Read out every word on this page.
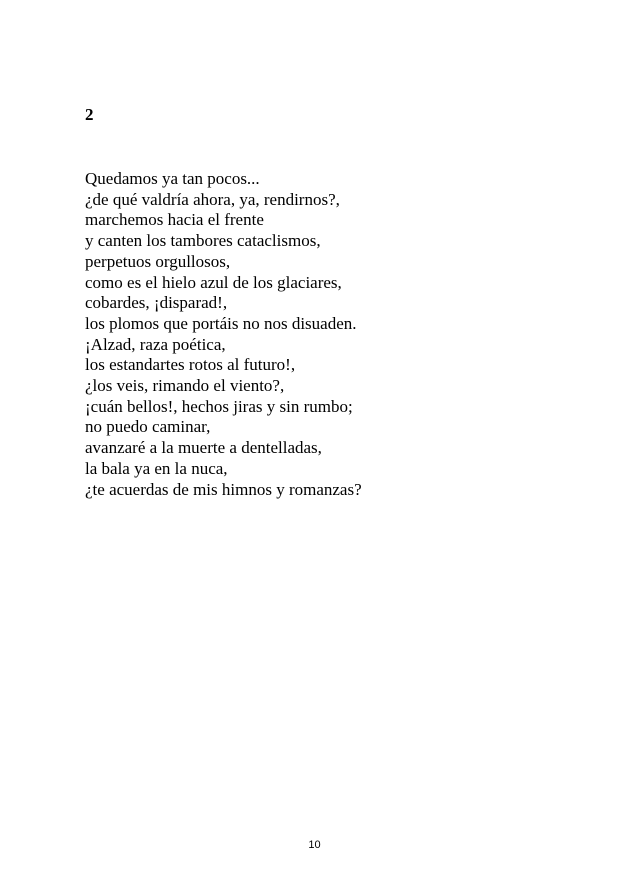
2
Quedamos ya tan pocos...
¿de qué valdría ahora, ya, rendirnos?,
marchemos hacia el frente
y canten los tambores cataclismos,
perpetuos orgullosos,
como es el hielo azul de los glaciares,
cobardes, ¡disparad!,
los plomos que portáis no nos disuaden.
¡Alzad, raza poética,
los estandartes rotos al futuro!,
¿los veis, rimando el viento?,
¡cuán bellos!, hechos jiras y sin rumbo;
no puedo caminar,
avanzaré a la muerte a dentelladas,
la bala ya en la nuca,
¿te acuerdas de mis himnos y romanzas?
10
